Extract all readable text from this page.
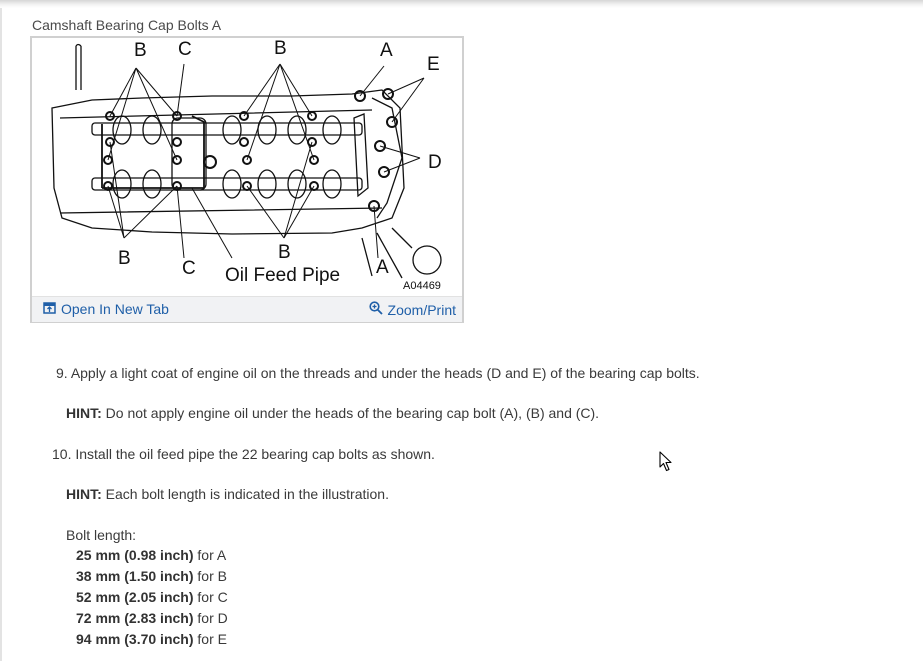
Camshaft Bearing Cap Bolts A
B C	B	A
E
D
B	C Oil Feed Pipe
B
A
A04469
Open In New Tab	Zoom/Print
9. Apply a light coat of engine oil on the threads and under the heads (D and E) of the bearing cap bolts.
HINT: Do not apply engine oil under the heads of the bearing cap bolt (A), (B) and (C).
10. Install the oil feed pipe the 22 bearing cap bolts as shown.
HINT: Each bolt length is indicated in the illustration.
Bolt length:
25 mm (0.98 inch) for A
38 mm (1.50 inch) for B
52 mm (2.05 inch) for C
72 mm (2.83 inch) for D
94 mm (3.70 inch) for E
